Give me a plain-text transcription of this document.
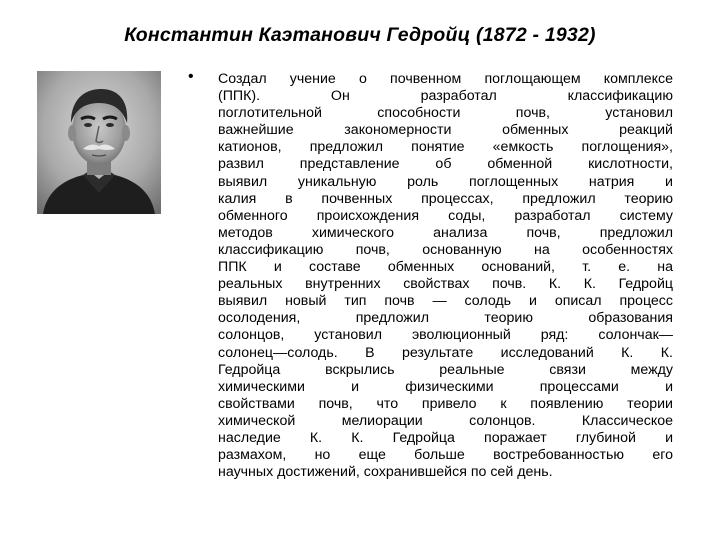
Константин Каэтанович Гедройц (1872 - 1932)
• Создал учение о почвенном поглощающем комплексе
(ППК). Он разработал классификацию
поглотительной способности почв, установил
важнейшие закономерности обменных реакций
катионов, предложил понятие «емкость поглощения»,
развил представление об обменной кислотности,
выявил уникальную роль поглощенных натрия и
калия в почвенных процессах, предложил теорию
обменного происхождения соды, разработал систему
методов химического анализа почв, предложил
классификацию почв, основанную на особенностях
ППК и составе обменных оснований, т. е. на
реальных внутренних свойствах почв. К. К. Гедройц
выявил новый тип почв — солодь и описал процесс
осолодения, предложил теорию образования
солонцов, установил эволюционный ряд: солончак—
солонец—солодь. В результате исследований К. К.
Гедройца вскрылись реальные связи между
химическими и физическими процессами и
свойствами почв, что привело к появлению теории
химической мелиорации солонцов. Классическое
наследие К. К. Гедройца поражает глубиной и
размахом, но еще больше востребованностью его
научных достижений, сохранившейся по сей день.
